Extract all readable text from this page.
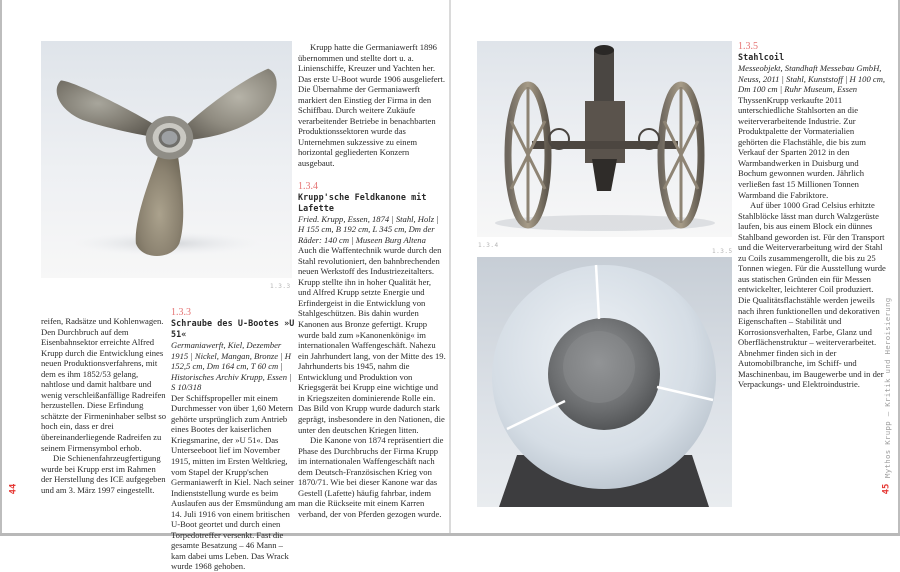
1.3.3

reifen, Radsätze und Kohlenwagen. Den Durchbruch auf dem Eisenbahnsektor erreichte Alfred Krupp durch die Entwicklung eines neuen Produktionsverfahrens, mit dem es ihm 1852/53 gelang, nahtlose und damit haltbare und wenig verschleißanfällige Radreifen herzustellen. Diese Erfindung schätzte der Firmeninhaber selbst so hoch ein, dass er drei übereinanderliegende Radreifen zu seinem Firmensymbol erhob.

Die Schienenfahrzeugfertigung wurde bei Krupp erst im Rahmen der Herstellung des ICE aufgegeben und am 3. März 1997 eingestellt.

1.3.3
Schraube des U-Bootes »U 51«

Germaniawerft, Kiel, Dezember 1915 | Nickel, Mangan, Bronze | H 152,5 cm, Dm 164 cm, T 60 cm | Historisches Archiv Krupp, Essen | S 10/318

Der Schiffspropeller mit einem Durchmesser von über 1,60 Metern gehörte ursprünglich zum Antrieb eines Bootes der kaiserlichen Kriegsmarine, der »U 51«. Das Unterseeboot lief im November 1915, mitten im Ersten Weltkrieg, vom Stapel der Krupp'schen Germaniawerft in Kiel. Nach seiner Indienststellung wurde es beim Auslaufen aus der Emsmündung am 14. Juli 1916 von einem britischen U-Boot geortet und durch einen Torpedotreffer versenkt. Fast die gesamte Besatzung – 46 Mann – kam dabei ums Leben. Das Wrack wurde 1968 gehoben.

Krupp hatte die Germaniawerft 1896 übernommen und stellte dort u. a. Linienschiffe, Kreuzer und Yachten her. Das erste U-Boot wurde 1906 ausgeliefert. Die Übernahme der Germaniawerft markiert den Einstieg der Firma in den Schiffbau. Durch weitere Zukäufe verarbeitender Betriebe in benachbarten Produktionssektoren wurde das Unternehmen sukzessive zu einem horizontal gegliederten Konzern ausgebaut.

1.3.4
Krupp'sche Feldkanone mit Lafette

Fried. Krupp, Essen, 1874 | Stahl, Holz | H 155 cm, B 192 cm, L 345 cm, Dm der Räder: 140 cm | Museen Burg Altena

Auch die Waffentechnik wurde durch den Stahl revolutioniert, den bahnbrechenden neuen Werkstoff des Industriezeitalters. Krupp stellte ihn in hoher Qualität her, und Alfred Krupp setzte Energie und Erfindergeist in die Entwicklung von Stahlgeschützen. Bis dahin wurden Kanonen aus Bronze gefertigt. Krupp wurde bald zum »Kanonenkönig« im internationalen Waffengeschäft. Nahezu ein Jahrhundert lang, von der Mitte des 19. Jahrhunderts bis 1945, nahm die Entwicklung und Produktion von Kriegsgerät bei Krupp eine wichtige und in Kriegszeiten dominierende Rolle ein. Das Bild von Krupp wurde dadurch stark geprägt, insbesondere in den Nationen, die unter den deutschen Kriegen litten.

Die Kanone von 1874 repräsentiert die Phase des Durchbruchs der Firma Krupp im internationalen Waffengeschäft nach dem Deutsch-Französischen Krieg von 1870/71. Wie bei dieser Kanone war das Gestell (Lafette) häufig fahrbar, indem man die Rückseite mit einem Karren verband, der von Pferden gezogen wurde.

44
1.3.4
1.3.5
1.3.5
Stahlcoil

Messeobjekt, Standhaft Messebau GmbH, Neuss, 2011 | Stahl, Kunststoff | H 100 cm, Dm 100 cm | Ruhr Museum, Essen

ThyssenKrupp verkaufte 2011 unterschiedliche Stahlsorten an die weiterverarbeitende Industrie. Zur Produktpalette der Vormaterialien gehörten die Flachstähle, die bis zum Verkauf der Sparten 2012 in den Warmbandwerken in Duisburg und Bochum gewonnen wurden. Jährlich verließen fast 15 Millionen Tonnen Warmband die Fabriktore.

Auf über 1000 Grad Celsius erhitzte Stahlblöcke lässt man durch Walzgerüste laufen, bis aus einem Block ein dünnes Stahlband geworden ist. Für den Transport und die Weiterverarbeitung wird der Stahl zu Coils zusammengerollt, die bis zu 25 Tonnen wiegen. Für die Ausstellung wurde aus statischen Gründen ein für Messen entwickelter, leichterer Coil produziert. Die Qualitätsflachstähle werden jeweils nach ihren funktionellen und dekorativen Eigenschaften – Stabilität und Korrosionsverhalten, Farbe, Glanz und Oberflächenstruktur – weiterverarbeitet. Abnehmer finden sich in der Automobilbranche, im Schiff- und Maschinenbau, im Baugewerbe und in der Verpackungs- und Elektroindustrie.

45
Mythos Krupp – Kritik und Heroisierung
